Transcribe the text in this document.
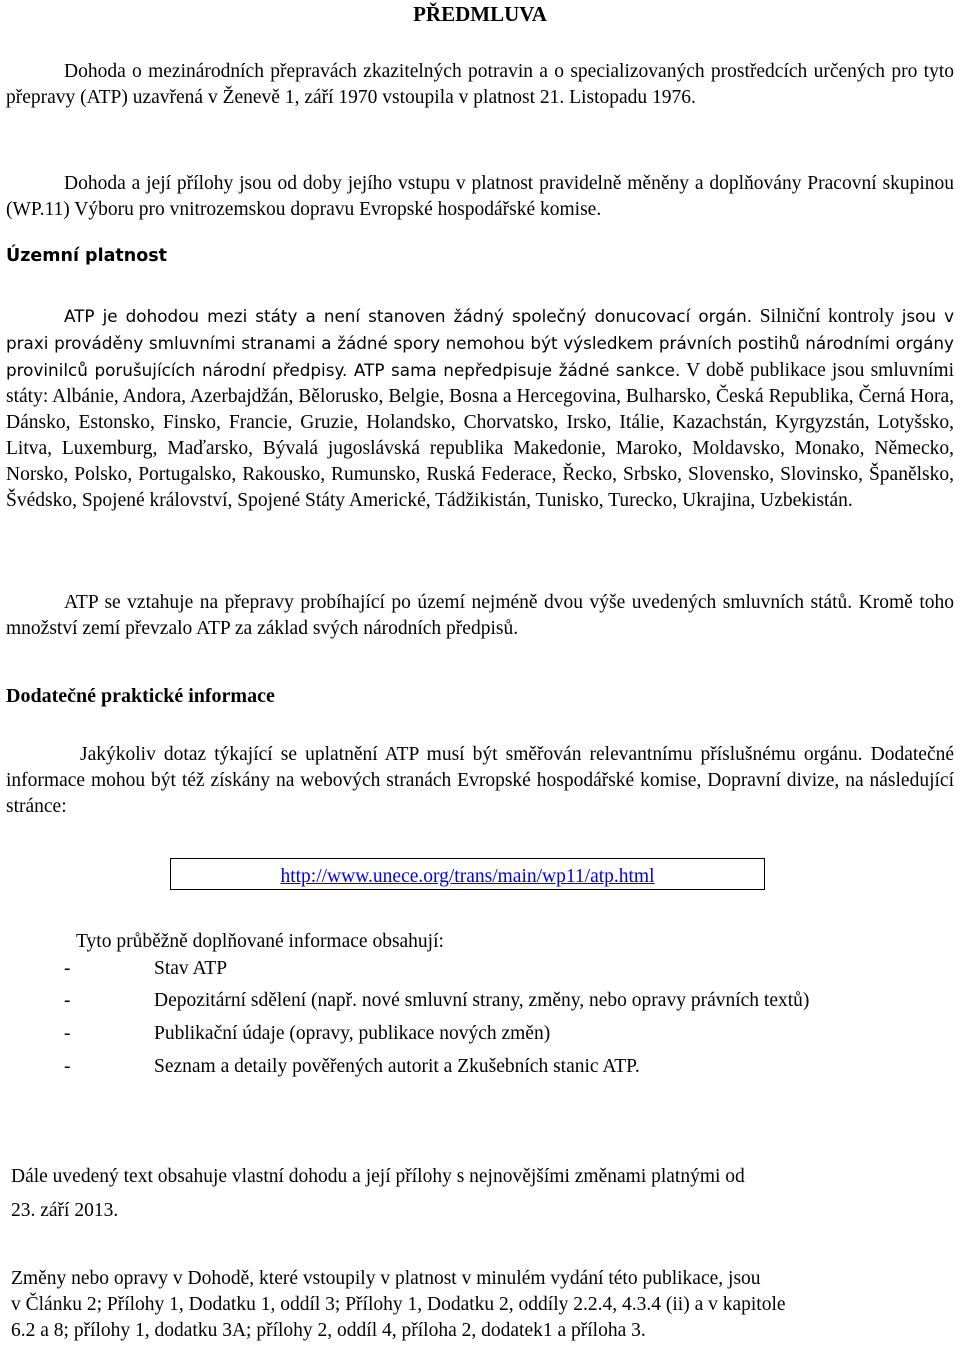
PŘEDMLUVA
Dohoda o mezinárodních přepravách zkazitelných potravin a o specializovaných prostředcích určených pro tyto přepravy (ATP) uzavřená v Ženevě 1, září 1970 vstoupila v platnost 21. Listopadu 1976.
Dohoda a její přílohy jsou od doby jejího vstupu v platnost pravidelně měněny a doplňovány Pracovní skupinou (WP.11) Výboru pro vnitrozemskou dopravu Evropské hospodářské komise.
Územní platnost
ATP je dohodou mezi státy a není stanoven žádný společný donucovací orgán. Silniční kontroly jsou v praxi prováděny smluvními stranami a žádné spory nemohou být výsledkem právních postihů národními orgány provinilců porušujících národní předpisy. ATP sama nepředpisuje žádné sankce. V době publikace jsou smluvními státy: Albánie, Andora, Azerbajdžán, Bělorusko, Belgie, Bosna a Hercegovina, Bulharsko, Česká Republika, Černá Hora, Dánsko, Estonsko, Finsko, Francie, Gruzie, Holandsko, Chorvatsko, Irsko, Itálie, Kazachstán, Kyrgyzstán, Lotyšsko, Litva, Luxemburg, Maďarsko, Bývalá jugoslávská republika Makedonie, Maroko, Moldavsko, Monako, Německo, Norsko, Polsko, Portugalsko, Rakousko, Rumunsko, Ruská Federace, Řecko, Srbsko, Slovensko, Slovinsko, Španělsko, Švédsko, Spojené království, Spojené Státy Americké, Tádžikistán, Tunisko, Turecko, Ukrajina, Uzbekistán.
ATP se vztahuje na přepravy probíhající po území nejméně dvou výše uvedených smluvních států. Kromě toho množství zemí převzalo ATP za základ svých národních předpisů.
Dodatečné praktické informace
Jakýkoliv dotaz týkající se uplatnění ATP musí být směřován relevantnímu příslušnému orgánu. Dodatečné informace mohou být též získány na webových stranách Evropské hospodářské komise, Dopravní divize, na následující stránce:
http://www.unece.org/trans/main/wp11/atp.html
Tyto průběžně doplňované informace obsahují:
-	Stav ATP
-	Depozitární sdělení (např. nové smluvní strany, změny, nebo opravy právních textů)
-	Publikační údaje (opravy, publikace nových změn)
-	Seznam a detaily pověřených autorit a Zkušebních stanic ATP.
Dále uvedený text obsahuje vlastní dohodu a její přílohy s nejnovějšími změnami platnými od
23. září 2013.
Změny nebo opravy v Dohodě, které vstoupily v platnost v minulém vydání této publikace, jsou
v Článku 2; Přílohy 1, Dodatku 1, oddíl 3; Přílohy 1, Dodatku 2, oddíly 2.2.4, 4.3.4 (ii) a v kapitole
6.2 a 8; přílohy 1, dodatku 3A; přílohy 2, oddíl 4, příloha 2, dodatek1 a příloha 3.
